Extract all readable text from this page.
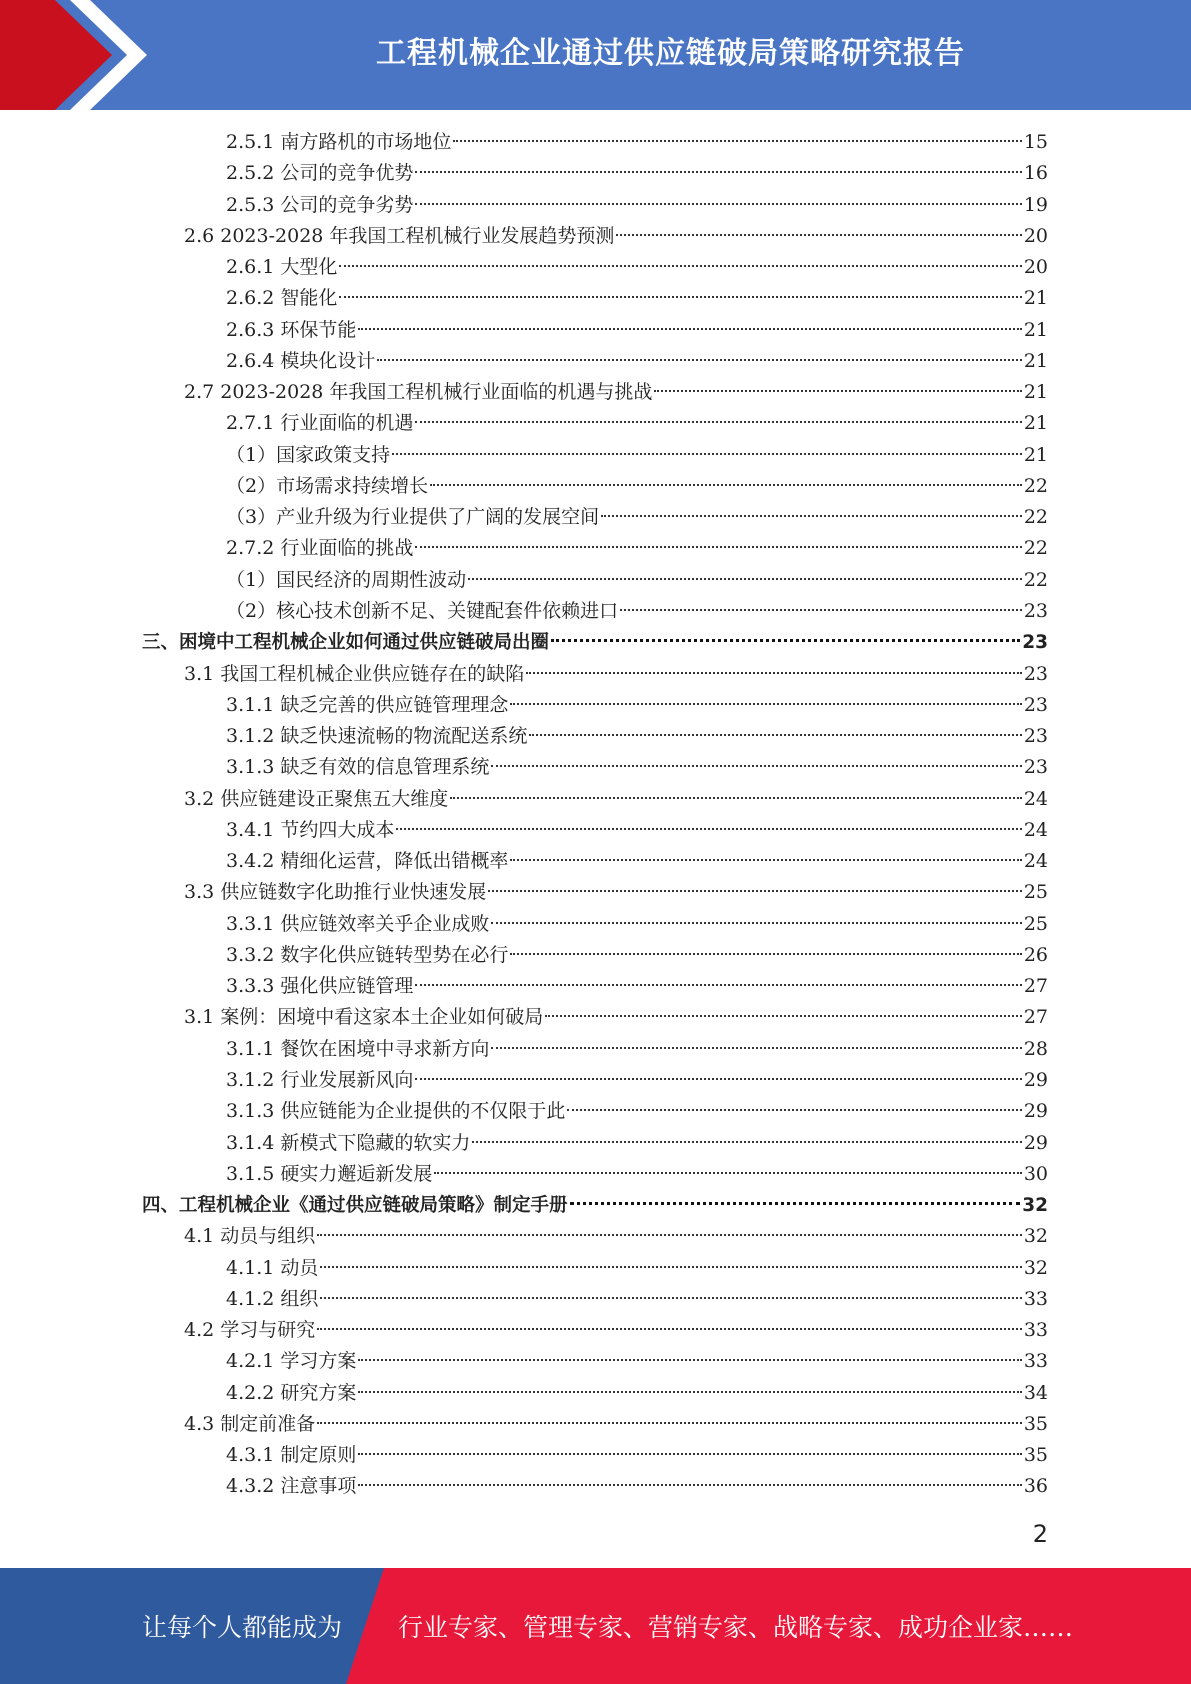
工程机械企业通过供应链破局策略研究报告
2.5.1 南方路机的市场地位	15
2.5.2 公司的竞争优势	16
2.5.3 公司的竞争劣势	19
2.6 2023-2028 年我国工程机械行业发展趋势预测	20
2.6.1 大型化	20
2.6.2 智能化	21
2.6.3 环保节能	21
2.6.4 模块化设计	21
2.7 2023-2028 年我国工程机械行业面临的机遇与挑战	21
2.7.1 行业面临的机遇	21
（1）国家政策支持	21
（2）市场需求持续增长	22
（3）产业升级为行业提供了广阔的发展空间	22
2.7.2 行业面临的挑战	22
（1）国民经济的周期性波动	22
（2）核心技术创新不足、关键配套件依赖进口	23
三、困境中工程机械企业如何通过供应链破局出圈	23
3.1 我国工程机械企业供应链存在的缺陷	23
3.1.1 缺乏完善的供应链管理理念	23
3.1.2 缺乏快速流畅的物流配送系统	23
3.1.3 缺乏有效的信息管理系统	23
3.2 供应链建设正聚焦五大维度	24
3.4.1 节约四大成本	24
3.4.2 精细化运营，降低出错概率	24
3.3 供应链数字化助推行业快速发展	25
3.3.1 供应链效率关乎企业成败	25
3.3.2 数字化供应链转型势在必行	26
3.3.3 强化供应链管理	27
3.1 案例：困境中看这家本土企业如何破局	27
3.1.1 餐饮在困境中寻求新方向	28
3.1.2 行业发展新风向	29
3.1.3 供应链能为企业提供的不仅限于此	29
3.1.4 新模式下隐藏的软实力	29
3.1.5 硬实力邂逅新发展	30
四、工程机械企业《通过供应链破局策略》制定手册	32
4.1 动员与组织	32
4.1.1 动员	32
4.1.2 组织	33
4.2 学习与研究	33
4.2.1 学习方案	33
4.2.2 研究方案	34
4.3 制定前准备	35
4.3.1 制定原则	35
4.3.2 注意事项	36
2
让每个人都能成为	行业专家、管理专家、营销专家、战略专家、成功企业家……
